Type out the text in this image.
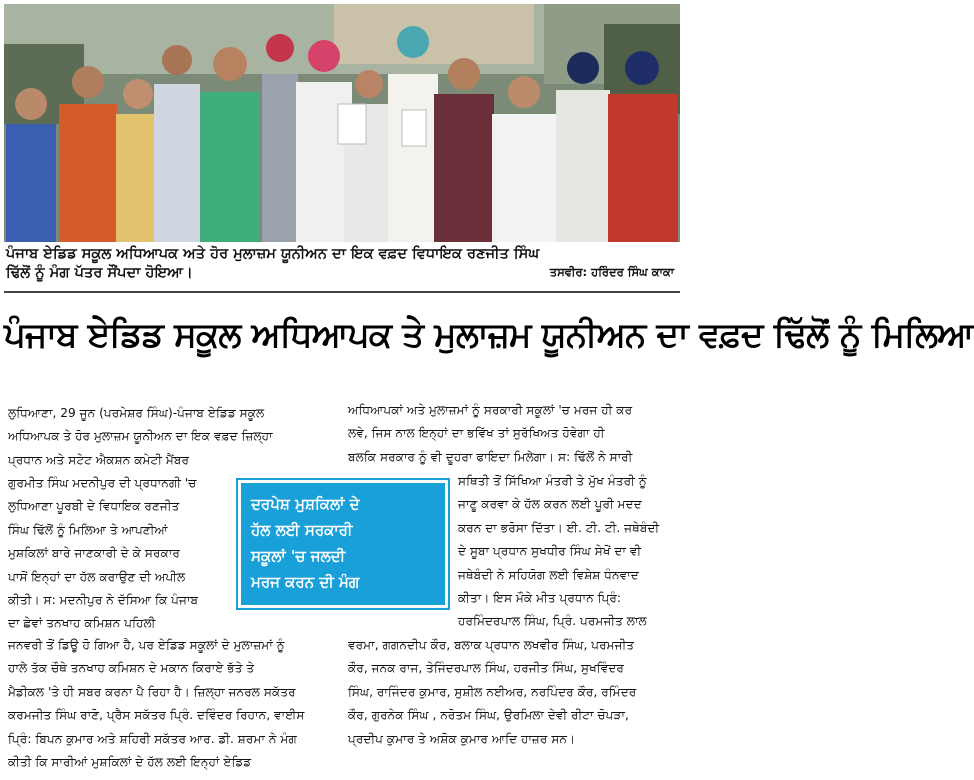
ਪੰਜਾਬ ਏਡਿਡ ਸਕੂਲ ਅਧਿਆਪਕ ਅਤੇ ਹੋਰ ਮੁਲਾਜ਼ਮ ਯੂਨੀਅਨ ਦਾ ਇਕ ਵਫ਼ਦ ਵਿਧਾਇਕ ਰਣਜੀਤ ਸਿੰਘ
ਢਿੱਲੋਂ ਨੂੰ ਮੰਗ ਪੱਤਰ ਸੌਂਪਦਾ ਹੋਇਆ।	ਤਸਵੀਰ: ਹਰਿੰਦਰ ਸਿੰਘ ਕਾਕਾ
ਪੰਜਾਬ ਏਡਿਡ ਸਕੂਲ ਅਧਿਆਪਕ ਤੇ ਮੁਲਾਜ਼ਮ ਯੂਨੀਅਨ ਦਾ ਵਫ਼ਦ ਢਿੱਲੋਂ ਨੂੰ ਮਿਲਿਆ
ਲੁਧਿਆਣਾ, 29 ਜੂਨ (ਪਰਮੇਸ਼ਰ ਸਿੰਘ)-ਪੰਜਾਬ ਏਡਿਡ ਸਕੂਲ
ਅਧਿਆਪਕ ਤੇ ਹੋਰ ਮੁਲਾਜ਼ਮ ਯੂਨੀਅਨ ਦਾ ਇਕ ਵਫ਼ਦ ਜ਼ਿਲ੍ਹਾ
ਪ੍ਰਧਾਨ ਅਤੇ ਸਟੇਟ ਐਕਸ਼ਨ ਕਮੇਟੀ ਮੈਂਬਰ
ਗੁਰਮੀਤ ਸਿੰਘ ਮਦਨੀਪੁਰ ਦੀ ਪ੍ਰਧਾਨਗੀ 'ਚ
ਲੁਧਿਆਣਾ ਪੂਰਬੀ ਦੇ ਵਿਧਾਇਕ ਰਣਜੀਤ
ਸਿੰਘ ਢਿੱਲੋਂ ਨੂੰ ਮਿਲਿਆ ਤੇ ਆਪਣੀਆਂ
ਮੁਸ਼ਕਿਲਾਂ ਬਾਰੇ ਜਾਣਕਾਰੀ ਦੇ ਕੇ ਸਰਕਾਰ
ਪਾਸੋਂ ਇਨ੍ਹਾਂ ਦਾ ਹੱਲ ਕਰਾਉਣ ਦੀ ਅਪੀਲ
ਕੀਤੀ। ਸ: ਮਦਨੀਪੁਰ ਨੇ ਦੱਸਿਆ ਕਿ ਪੰਜਾਬ
ਦਾ ਛੇਵਾਂ ਤਨਖਾਹ ਕਮਿਸ਼ਨ ਪਹਿਲੀ
ਦਰਪੇਸ਼ ਮੁਸ਼ਕਿਲਾਂ ਦੇ
ਹੱਲ ਲਈ ਸਰਕਾਰੀ
ਸਕੂਲਾਂ 'ਚ ਜਲਦੀ
ਮਰਜ ਕਰਨ ਦੀ ਮੰਗ
ਅਧਿਆਪਕਾਂ ਅਤੇ ਮੁਲਾਜ਼ਮਾਂ ਨੂੰ ਸਰਕਾਰੀ ਸਕੂਲਾਂ 'ਚ ਮਰਜ ਹੀ ਕਰ
ਲਵੇ, ਜਿਸ ਨਾਲ ਇਨ੍ਹਾਂ ਦਾ ਭਵਿੱਖ ਤਾਂ ਸੁਰੱਖਿਅਤ ਹੋਵੇਗਾ ਹੀ
ਬਲਕਿ ਸਰਕਾਰ ਨੂੰ ਵੀ ਦੂਹਰਾ ਫਾਇਦਾ ਮਿਲੇਗਾ। ਸ: ਢਿੱਲੋਂ ਨੇ ਸਾਰੀ
ਸਥਿਤੀ ਤੋਂ ਸਿੱਖਿਆ ਮੰਤਰੀ ਤੇ ਮੁੱਖ ਮੰਤਰੀ ਨੂੰ
ਜਾਣੂ ਕਰਵਾ ਕੇ ਹੱਲ ਕਰਨ ਲਈ ਪੂਰੀ ਮਦਦ
ਕਰਨ ਦਾ ਭਰੋਸਾ ਦਿੱਤਾ। ਈ. ਟੀ. ਟੀ. ਜਥੇਬੰਦੀ
ਦੇ ਸੂਬਾ ਪ੍ਰਧਾਨ ਸੁਖਧੀਰ ਸਿੰਘ ਸੇਖੋਂ ਦਾ ਵੀ
ਜਥੇਬੰਦੀ ਨੇ ਸਹਿਯੋਗ ਲਈ ਵਿਸ਼ੇਸ਼ ਧੰਨਵਾਦ
ਕੀਤਾ। ਇਸ ਮੌਕੇ ਮੀਤ ਪ੍ਰਧਾਨ ਪ੍ਰਿੰ:
ਹਰਮਿੰਦਰਪਾਲ ਸਿੰਘ, ਪ੍ਰਿੰ. ਪਰਮਜੀਤ ਲਾਲ
ਜਨਵਰੀ ਤੋਂ ਡਿਊ ਹੋ ਗਿਆ ਹੈ, ਪਰ ਏਡਿਡ ਸਕੂਲਾਂ ਦੇ ਮੁਲਾਜ਼ਮਾਂ ਨੂੰ
ਹਾਲੇ ਤੱਕ ਚੌਥੇ ਤਨਖਾਹ ਕਮਿਸ਼ਨ ਦੇ ਮਕਾਨ ਕਿਰਾਏ ਭੱਤੇ ਤੇ
ਮੈਡੀਕਲ 'ਤੇ ਹੀ ਸਬਰ ਕਰਨਾ ਪੈ ਰਿਹਾ ਹੈ। ਜ਼ਿਲ੍ਹਾ ਜਨਰਲ ਸਕੱਤਰ
ਕਰਮਜੀਤ ਸਿੰਘ ਰਾਣੋ, ਪ੍ਰੈਸ ਸਕੱਤਰ ਪ੍ਰਿੰ. ਦਵਿੰਦਰ ਰਿਹਾਨ, ਵਾਈਸ
ਪ੍ਰਿੰ: ਬਿਪਨ ਕੁਮਾਰ ਅਤੇ ਸ਼ਹਿਰੀ ਸਕੱਤਰ ਆਰ. ਡੀ. ਸ਼ਰਮਾ ਨੇ ਮੰਗ
ਕੀਤੀ ਕਿ ਸਾਰੀਆਂ ਮੁਸ਼ਕਿਲਾਂ ਦੇ ਹੱਲ ਲਈ ਇਨ੍ਹਾਂ ਏਡਿਡ
ਵਰਮਾ, ਗਗਨਦੀਪ ਕੌਰ, ਬਲਾਕ ਪ੍ਰਧਾਨ ਲਖਵੀਰ ਸਿੰਘ, ਪਰਮਜੀਤ
ਕੌਰ, ਜਨਕ ਰਾਜ, ਤੇਜਿੰਦਰਪਾਲ ਸਿੰਘ, ਹਰਜੀਤ ਸਿੰਘ, ਸੁਖਵਿੰਦਰ
ਸਿੰਘ, ਰਾਜਿੰਦਰ ਕੁਮਾਰ, ਸੁਸ਼ੀਲ ਨਈਅਰ, ਨਰਪਿੰਦਰ ਕੌਰ, ਰਮਿੰਦਰ
ਕੌਰ, ਗੁਰਨੇਕ ਸਿੰਘ , ਨਰੋਤਮ ਸਿੰਘ, ਉਰਮਿਲਾ ਦੇਵੀ ਰੀਟਾ ਚੋਪੜਾ,
ਪ੍ਰਦੀਪ ਕੁਮਾਰ ਤੇ ਅਸ਼ੋਕ ਕੁਮਾਰ ਆਦਿ ਹਾਜ਼ਰ ਸਨ।
